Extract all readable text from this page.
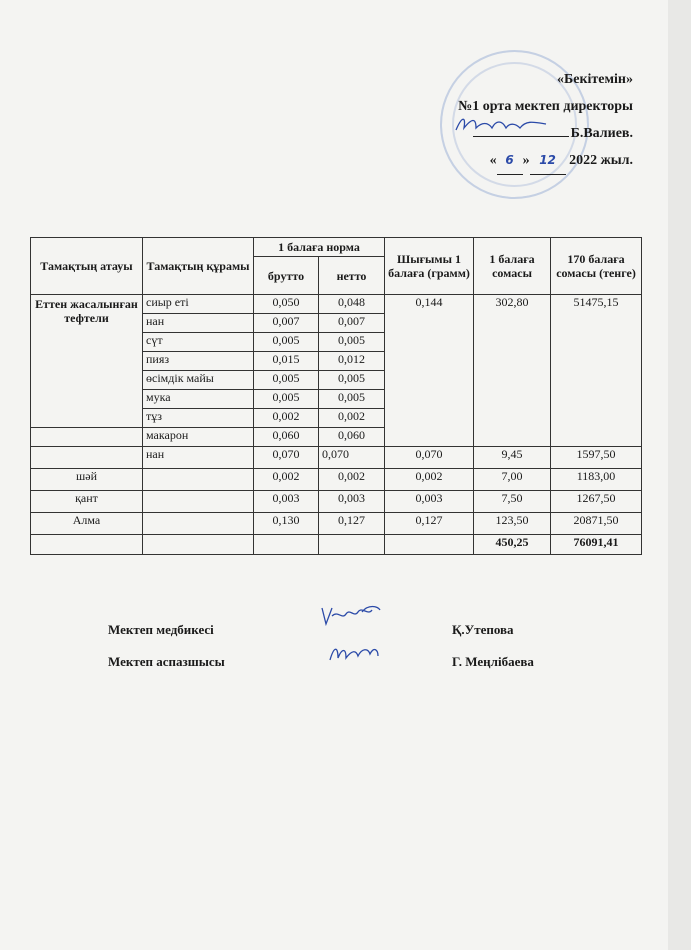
«Бекітемін»
№1 орта мектеп директоры
Б.Валиев.
« 6 » 12 2022 жыл.
Тамақтың атауы	Тамақтың құрамы	1 балаға норма		Шығымы 1 балаға (грамм)	1 балаға сомасы	170 балаға сомасы (тенге)
		брутто	нетто			
Еттен жасалынған тефтели	сиыр еті	0,050	0,048	0,144	302,80	51475,15
	нан	0,007	0,007			
	сүт	0,005	0,005			
	пияз	0,015	0,012			
	өсімдік майы	0,005	0,005			
	мука	0,005	0,005			
	тұз	0,002	0,002			
	макарон	0,060	0,060			
	нан	0,070	0,070	0,070	9,45	1597,50
шәй		0,002	0,002	0,002	7,00	1183,00
қант		0,003	0,003	0,003	7,50	1267,50
Алма		0,130	0,127	0,127	123,50	20871,50
					450,25	76091,41
Мектеп медбикесі	Қ.Утепова
Мектеп аспазшысы	Г. Меңлібаева
